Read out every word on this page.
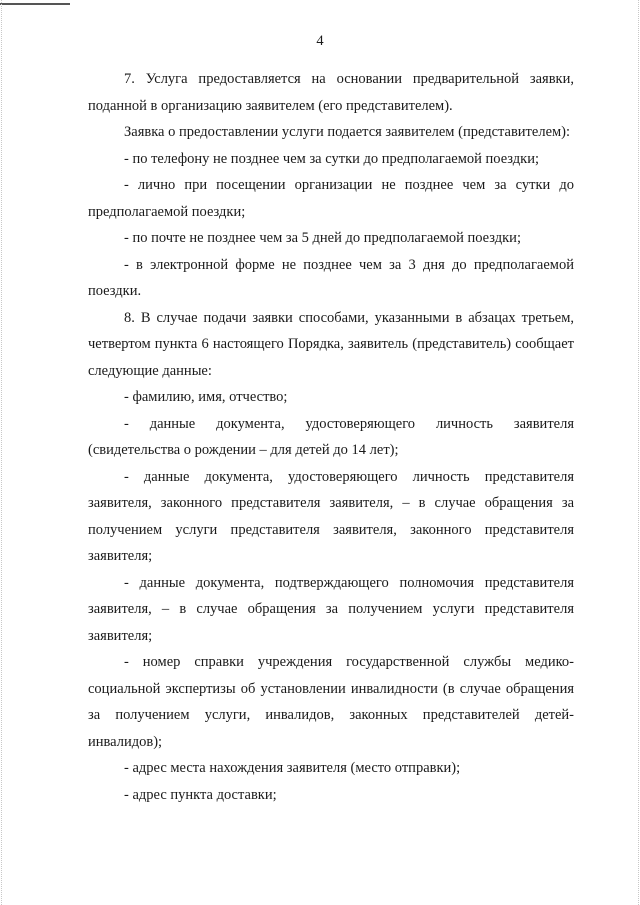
4

7. Услуга предоставляется на основании предварительной заявки, поданной в организацию заявителем (его представителем).

Заявка о предоставлении услуги подается заявителем (представителем):

- по телефону не позднее чем за сутки до предполагаемой поездки;

- лично при посещении организации не позднее чем за сутки до предполагаемой поездки;

- по почте не позднее чем за 5 дней до предполагаемой поездки;

- в электронной форме не позднее чем за 3 дня до предполагаемой поездки.

8. В случае подачи заявки способами, указанными в абзацах третьем, четвертом пункта 6 настоящего Порядка, заявитель (представитель) сообщает следующие данные:

- фамилию, имя, отчество;

- данные документа, удостоверяющего личность заявителя (свидетельства о рождении – для детей до 14 лет);

- данные документа, удостоверяющего личность представителя заявителя, законного представителя заявителя, – в случае обращения за получением услуги представителя заявителя, законного представителя заявителя;

- данные документа, подтверждающего полномочия представителя заявителя, – в случае обращения за получением услуги представителя заявителя;

- номер справки учреждения государственной службы медико-социальной экспертизы об установлении инвалидности (в случае обращения за получением услуги, инвалидов, законных представителей детей-инвалидов);

- адрес места нахождения заявителя (место отправки);

- адрес пункта доставки;
